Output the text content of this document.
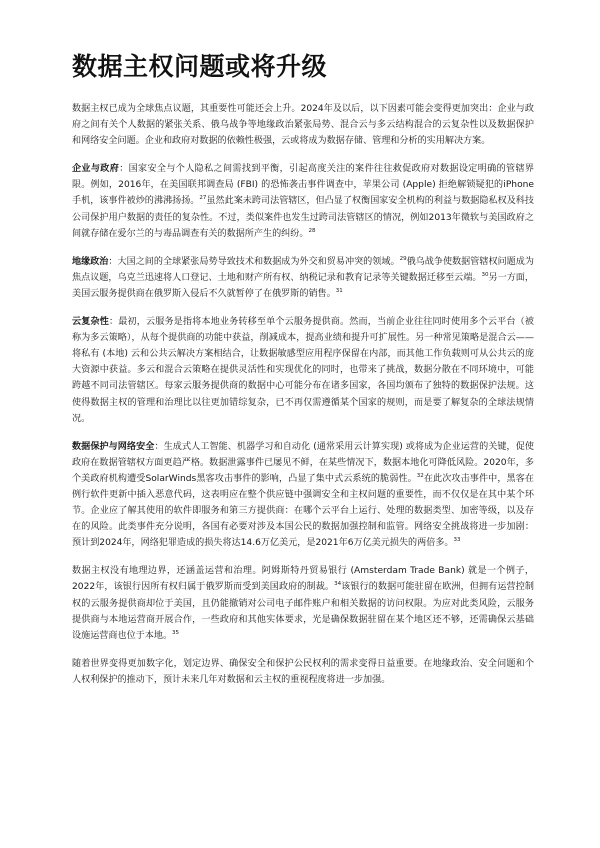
数据主权问题或将升级

数据主权已成为全球焦点议题，其重要性可能还会上升。2024年及以后，以下因素可能会变得更加突出：企业与政府之间有关个人数据的紧张关系、俄乌战争等地缘政治紧张局势、混合云与多云结构混合的云复杂性以及数据保护和网络安全问题。企业和政府对数据的依赖性极强，云或将成为数据存储、管理和分析的实用解决方案。

企业与政府：国家安全与个人隐私之间需找到平衡，引起高度关注的案件往往救促政府对数据设定明确的管辖界限。例如，2016年，在美国联邦调查局 (FBI) 的恐怖袭击事件调查中，苹果公司 (Apple) 拒绝解锁疑犯的iPhone手机，该事件被炒的沸沸扬扬。$^{27}$虽然此案未跨司法管辖区，但凸显了权衡国家安全机构的利益与数据隐私权及科技公司保护用户数据的责任的复杂性。不过，类似案件也发生过跨司法管辖区的情况，例如2013年微软与美国政府之间就存储在爱尔兰的与毒品调查有关的数据所产生的纠纷。$^{28}$

地缘政治：大国之间的全球紧张局势导致技术和数据成为外交和贸易冲突的领域。$^{29}$俄乌战争使数据管辖权问题成为焦点议题，乌克兰迅速将人口登记、土地和财产所有权、纳税记录和教育记录等关键数据迁移至云端。$^{30}$另一方面，美国云服务提供商在俄罗斯入侵后不久就暂停了在俄罗斯的销售。$^{31}$

云复杂性：最初，云服务是指将本地业务转移至单个云服务提供商。然而，当前企业往往同时使用多个云平台（被称为多云策略），从每个提供商的功能中获益，削减成本，提高业绩和提升可扩展性。另一种常见策略是混合云——将私有 (本地) 云和公共云解决方案相结合，让数据敏感型应用程序保留在内部，而其他工作负载则可从公共云的庞大资源中获益。多云和混合云策略在提供灵活性和实现优化的同时，也带来了挑战，数据分散在不同环境中，可能跨越不同司法管辖区。每家云服务提供商的数据中心可能分布在诸多国家，各国均颁布了独特的数据保护法规。这使得数据主权的管理和治理比以往更加错综复杂，已不再仅需遵循某个国家的规则，而是要了解复杂的全球法规情况。

数据保护与网络安全：生成式人工智能、机器学习和自动化 (通常采用云计算实现) 或将成为企业运营的关键，促使政府在数据管辖权方面更趋严格。数据泄露事件已屡见不鲜，在某些情况下，数据本地化可降低风险。2020年，多个美政府机构遭受SolarWinds黑客攻击事件的影响，凸显了集中式云系统的脆弱性。$^{32}$在此次攻击事件中，黑客在例行软件更新中插入恶意代码，这表明应在整个供应链中强调安全和主权问题的重要性，而不仅仅是在其中某个环节。企业应了解其使用的软件即服务和第三方提供商：在哪个云平台上运行、处理的数据类型、加密等级，以及存在的风险。此类事件充分说明，各国有必要对涉及本国公民的数据加强控制和监管。网络安全挑战将进一步加剧：预计到2024年，网络犯罪造成的损失将达14.6万亿美元，是2021年6万亿美元损失的两倍多。$^{33}$

数据主权没有地理边界，还涵盖运营和治理。阿姆斯特丹贸易银行 (Amsterdam Trade Bank) 就是一个例子，2022年，该银行因所有权归属于俄罗斯而受到美国政府的制裁。$^{34}$该银行的数据可能驻留在欧洲，但拥有运营控制权的云服务提供商却位于美国，且仍能撤销对公司电子邮件账户和相关数据的访问权限。为应对此类风险，云服务提供商与本地运营商开展合作，一些政府和其他实体要求，光是确保数据驻留在某个地区还不够，还需确保云基础设施运营商也位于本地。$^{35}$

随着世界变得更加数字化，划定边界、确保安全和保护公民权利的需求变得日益重要。在地缘政治、安全问题和个人权利保护的推动下，预计未来几年对数据和云主权的重视程度将进一步加强。
